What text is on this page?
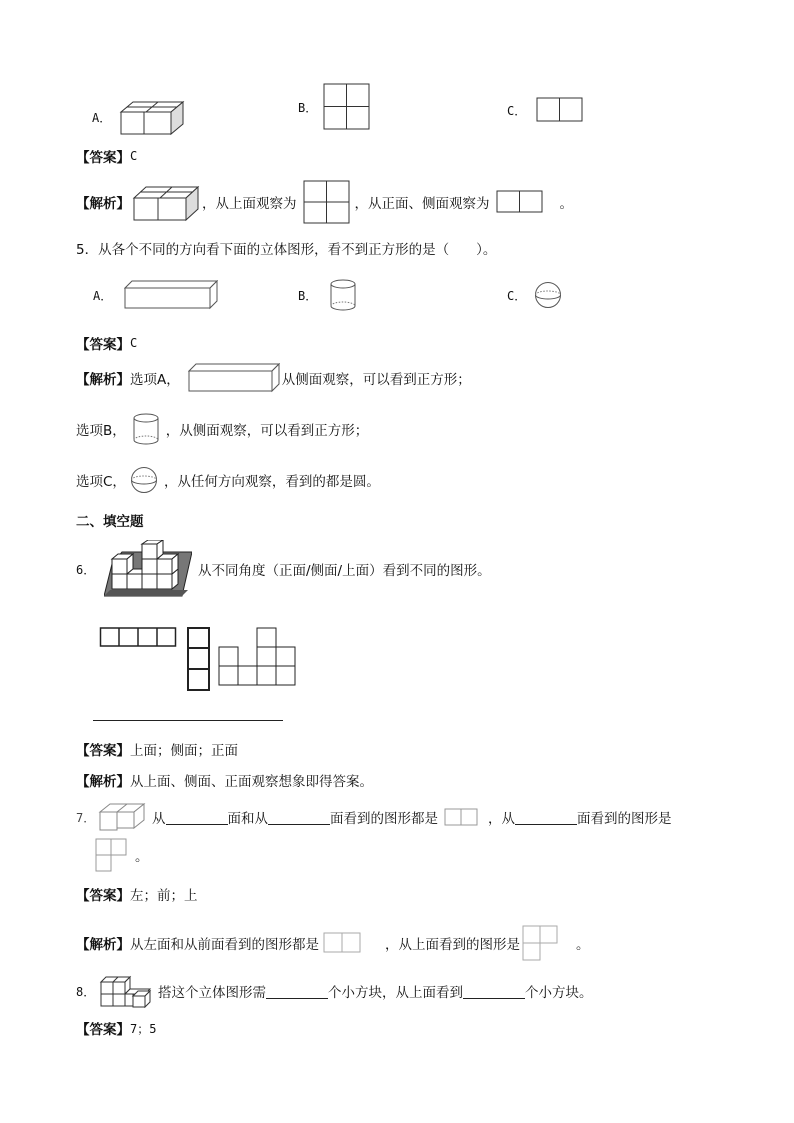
A．
B．	C．
【答案】 C
【解析】	，从上面观察为	，从正面、侧面观察为	。
5．从各个不同的方向看下面的立体图形，看不到正方形的是（　　）。
A．	B．	C．
【答案】 C
【解析】 选项A，	从侧面观察，可以看到正方形；
选项B，	，从侧面观察，可以看到正方形；
选项C，	，从任何方向观察，看到的都是圆。
二、填空题
6．	从不同角度（正面/侧面/上面）看到不同的图形。
【答案】 上面；侧面；正面
【解析】 从上面、侧面、正面观察想象即得答案。
7．	从	面和从	面看到的图形都是	，从	面看到的图形是
。
【答案】 左；前；上
【解析】 从左面和从前面看到的图形都是	，从上面看到的图形是	。
8．	搭这个立体图形需	个小方块，从上面看到	个小方块。
【答案】 7；5
